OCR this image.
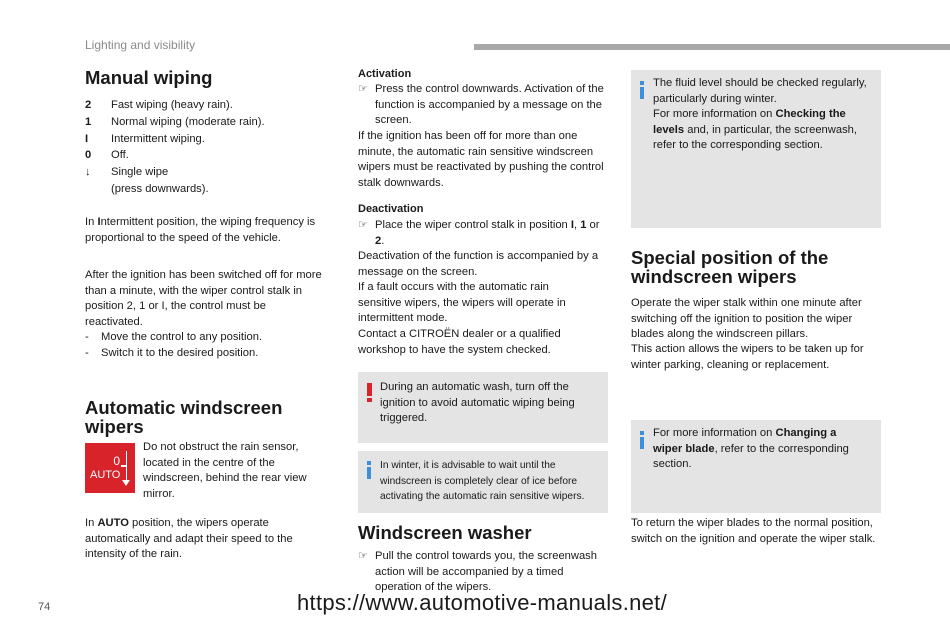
Lighting and visibility
Manual wiping
2	Fast wiping (heavy rain).
1	Normal wiping (moderate rain).
I	Intermittent wiping.
0	Off.
↓	Single wipe
(press downwards).

In Intermittent position, the wiping frequency is proportional to the speed of the vehicle.

After the ignition has been switched off for more than a minute, with the wiper control stalk in position 2, 1 or I, the control must be reactivated.

-	Move the control to any position.
-	Switch it to the desired position.
Automatic windscreen
wipers
0
AUTO

Do not obstruct the rain sensor, located in the centre of the windscreen, behind the rear view mirror.

In AUTO position, the wipers operate automatically and adapt their speed to the intensity of the rain.

Activation
☞ Press the control downwards. Activation of the function is accompanied by a message on the screen.

If the ignition has been off for more than one minute, the automatic rain sensitive windscreen wipers must be reactivated by pushing the control stalk downwards.

Deactivation
☞ Place the wiper control stalk in position I, 1 or 2.

Deactivation of the function is accompanied by a message on the screen.

If a fault occurs with the automatic rain sensitive wipers, the wipers will operate in intermittent mode.

Contact a CITROËN dealer or a qualified workshop to have the system checked.

During an automatic wash, turn off the ignition to avoid automatic wiping being triggered.

In winter, it is advisable to wait until the windscreen is completely clear of ice before activating the automatic rain sensitive wipers.

Windscreen washer
☞ Pull the control towards you, the screenwash action will be accompanied by a timed operation of the wipers.

The fluid level should be checked regularly, particularly during winter.

For more information on Checking the levels and, in particular, the screenwash, refer to the corresponding section.

Special position of the
windscreen wipers

Operate the wiper stalk within one minute after switching off the ignition to position the wiper blades along the windscreen pillars.

This action allows the wipers to be taken up for winter parking, cleaning or replacement.

For more information on Changing a wiper blade, refer to the corresponding section.

To return the wiper blades to the normal position, switch on the ignition and operate the wiper stalk.

74	https://www.automotive-manuals.net/
